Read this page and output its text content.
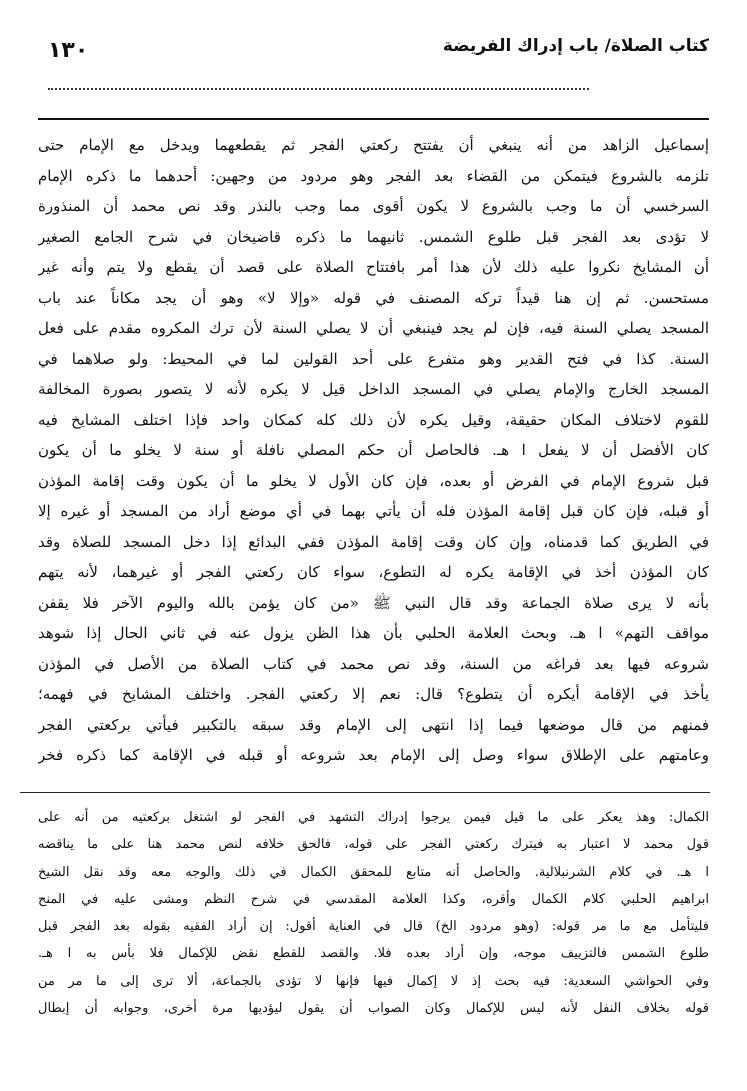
كتاب الصلاة/ باب إدراك الفريضة
١٣٠
إسماعيل الزاهد من أنه ينبغي أن يفتتح ركعتي الفجر ثم يقطعهما ويدخل مع الإمام حتى
تلزمه بالشروع فيتمكن من القضاء بعد الفجر وهو مردود من وجهين: أحدهما ما ذكره الإمام
السرخسي أن ما وجب بالشروع لا يكون أقوى مما وجب بالنذر وقد نص محمد أن المنذورة
لا تؤدى بعد الفجر قبل طلوع الشمس. ثانيهما ما ذكره قاضيخان في شرح الجامع الصغير
أن المشايخ نكروا عليه ذلك لأن هذا أمر بافتتاح الصلاة على قصد أن يقطع ولا يتم وأنه غير
مستحسن. ثم إن هنا قيداً تركه المصنف في قوله «وإلا لا» وهو أن يجد مكاناً عند باب
المسجد يصلي السنة فيه، فإن لم يجد فينبغي أن لا يصلي السنة لأن ترك المكروه مقدم على فعل
السنة. كذا في فتح القدير وهو متفرع على أحد القولين لما في المحيط: ولو صلاهما في
المسجد الخارج والإمام يصلي في المسجد الداخل قيل لا يكره لأنه لا يتصور بصورة المخالفة
للقوم لاختلاف المكان حقيقة، وقيل يكره لأن ذلك كله كمكان واحد فإذا اختلف المشايخ فيه
كان الأفضل أن لا يفعل ا هـ. فالحاصل أن حكم المصلي نافلة أو سنة لا يخلو ما أن يكون
قبل شروع الإمام في الفرض أو بعده، فإن كان الأول لا يخلو ما أن يكون وقت إقامة المؤذن
أو قبله، فإن كان قبل إقامة المؤذن فله أن يأتي بهما في أي موضع أراد من المسجد أو غيره إلا
في الطريق كما قدمناه، وإن كان وقت إقامة المؤذن ففي البدائع إذا دخل المسجد للصلاة وقد
كان المؤذن أخذ في الإقامة يكره له التطوع، سواء كان ركعتي الفجر أو غيرهما، لأنه يتهم
بأنه لا يرى صلاة الجماعة وقد قال النبي ﷺ «من كان يؤمن بالله واليوم الآخر فلا يقفن
مواقف التهم» ا هـ. وبحث العلامة الحلبي بأن هذا الظن يزول عنه في ثاني الحال إذا شوهد
شروعه فيها بعد فراغه من السنة، وقد نص محمد في كتاب الصلاة من الأصل في المؤذن
يأخذ في الإقامة أيكره أن يتطوع؟ قال: نعم إلا ركعتي الفجر. واختلف المشايخ في فهمه؛
فمنهم من قال موضعها فيما إذا انتهى إلى الإمام وقد سبقه بالتكبير فيأتي بركعتي الفجر
وعامتهم على الإطلاق سواء وصل إلى الإمام بعد شروعه أو قبله في الإقامة كما ذكره فخر
الكمال: وهذ يعكر على ما قيل فيمن يرجوا إدراك التشهد في الفجر لو اشتغل بركعتيه من أنه على
قول محمد لا اعتبار به فيترك ركعتي الفجر على قوله، فالحق خلافه لنص محمد هنا على ما يناقضه
ا هـ. في كلام الشرنبلالية. والحاصل أنه متابع للمحقق الكمال في ذلك والوجه معه وقد نقل الشيخ
ابراهيم الحلبي كلام الكمال وأقره، وكذا العلامة المقدسي في شرح النظم ومشى عليه في المنح
فليتأمل مع ما مر قوله: (وهو مردود الخ) قال في العناية أقول: إن أراد الفقيه بقوله بعد الفجر قبل
طلوع الشمس فالتزييف موجه، وإن أراد بعده فلا. والقصد للقطع نقض للإكمال فلا بأس به ا هـ.
وفي الحواشي السعدية: فيه بحث إذ لا إكمال فيها فإنها لا تؤدى بالجماعة، ألا ترى إلى ما مر من
قوله بخلاف النفل لأنه ليس للإكمال وكان الصواب أن يقول ليؤديها مرة أخرى، وجوابه أن إبطال
